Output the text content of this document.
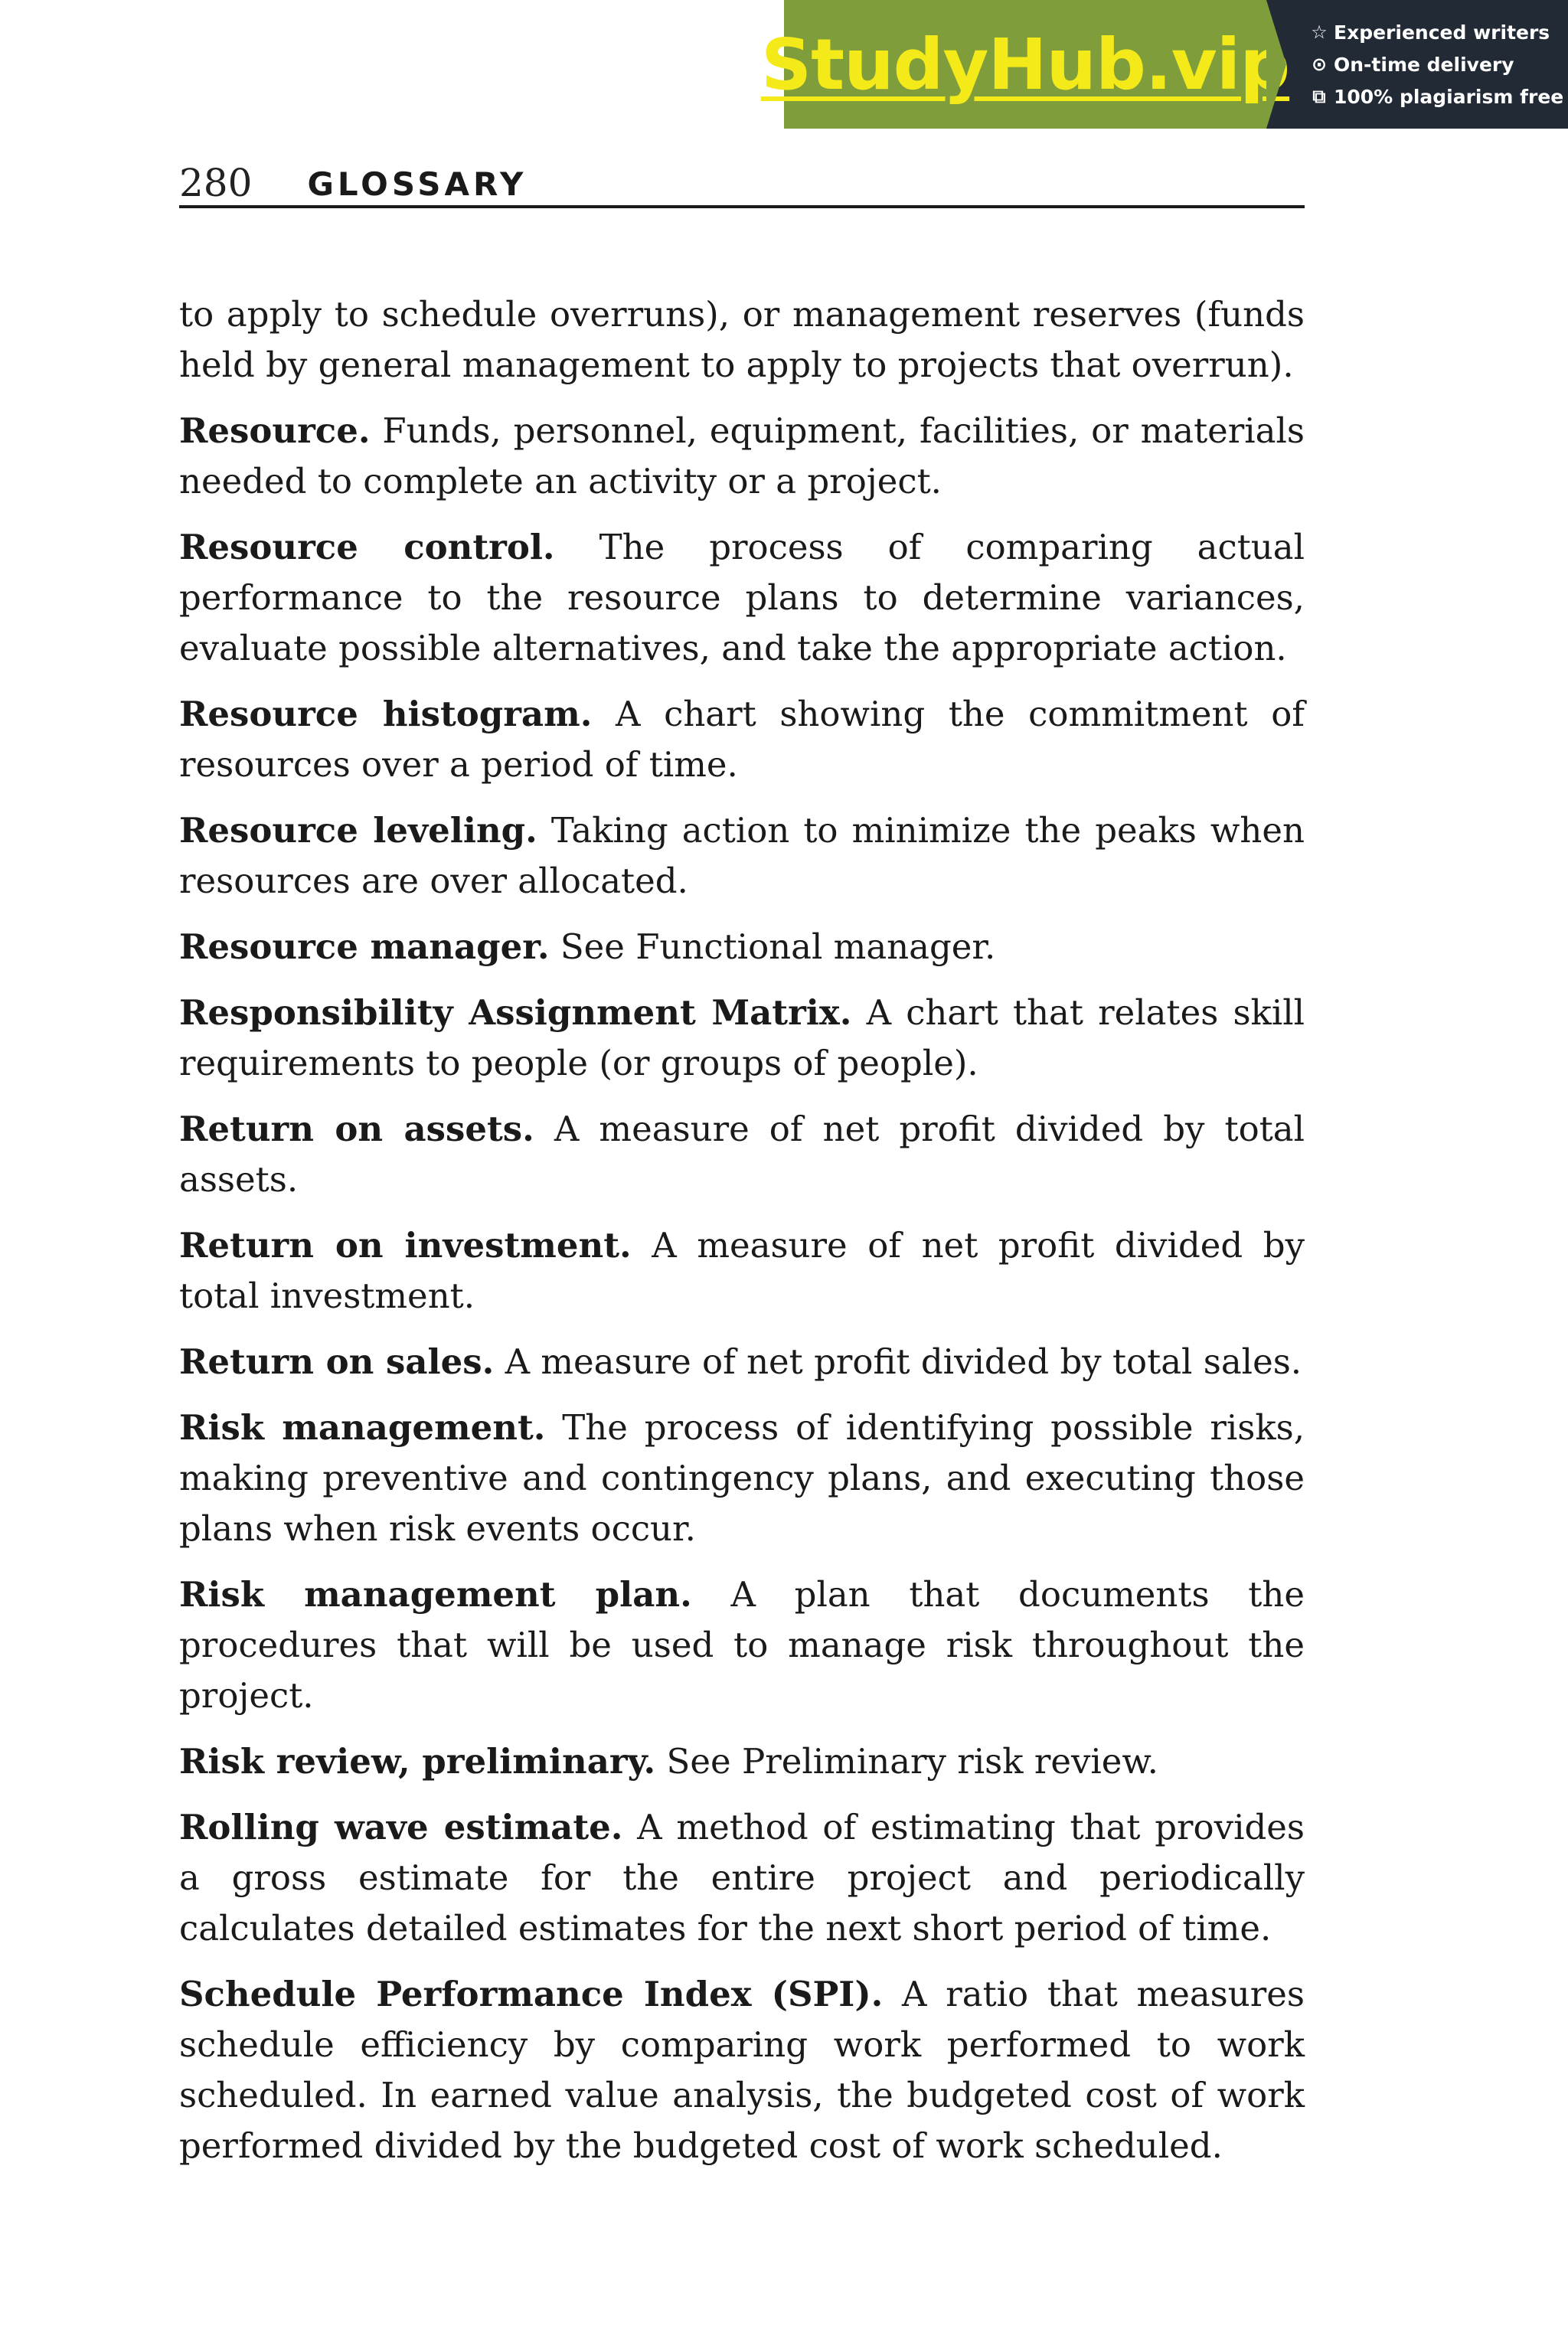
StudyHub.vip ☆ Experienced writers
⊙ On-time delivery
⧉ 100% plagiarism free
280 GLOSSARY

to apply to schedule overruns), or management reserves (funds held by general management to apply to projects that overrun).

Resource. Funds, personnel, equipment, facilities, or materials needed to complete an activity or a project.

Resource control. The process of comparing actual performance to the resource plans to determine variances, evaluate possible alternatives, and take the appropriate action.

Resource histogram. A chart showing the commitment of resources over a period of time.

Resource leveling. Taking action to minimize the peaks when resources are over allocated.

Resource manager. See Functional manager.

Responsibility Assignment Matrix. A chart that relates skill requirements to people (or groups of people).

Return on assets. A measure of net profit divided by total assets.

Return on investment. A measure of net profit divided by total investment.

Return on sales. A measure of net profit divided by total sales.

Risk management. The process of identifying possible risks, making preventive and contingency plans, and executing those plans when risk events occur.

Risk management plan. A plan that documents the procedures that will be used to manage risk throughout the project.

Risk review, preliminary. See Preliminary risk review.

Rolling wave estimate. A method of estimating that provides a gross estimate for the entire project and periodically calculates detailed estimates for the next short period of time.

Schedule Performance Index (SPI). A ratio that measures schedule efficiency by comparing work performed to work scheduled. In earned value analysis, the budgeted cost of work performed divided by the budgeted cost of work scheduled.
